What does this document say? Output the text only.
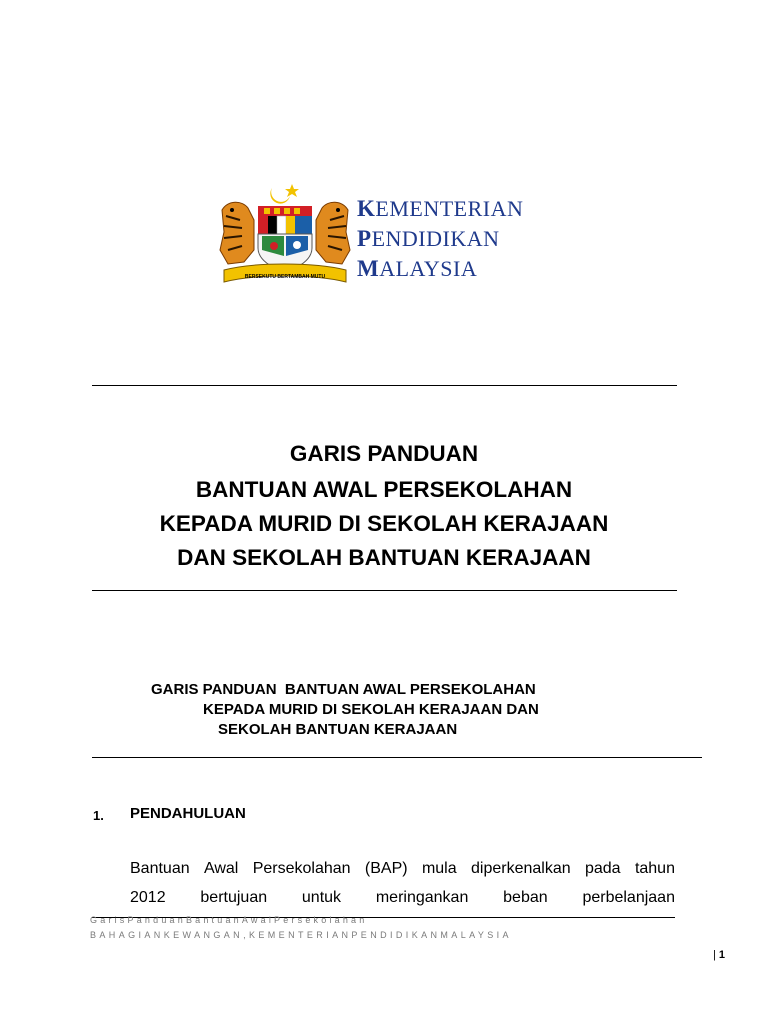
BERSEKUTU BERTAMBAH MUTU
KEMENTERIAN
PENDIDIKAN
MALAYSIA
GARIS PANDUAN
BANTUAN AWAL PERSEKOLAHAN
KEPADA MURID DI SEKOLAH KERAJAAN
DAN SEKOLAH BANTUAN KERAJAAN
GARIS PANDUAN  BANTUAN AWAL PERSEKOLAHAN
KEPADA MURID DI SEKOLAH KERAJAAN DAN
SEKOLAH BANTUAN KERAJAAN
1. PENDAHULUAN
Bantuan Awal Persekolahan (BAP) mula diperkenalkan pada tahun
2012 bertujuan untuk meringankan beban perbelanjaan
GarisPanduanBantuanAwalPersekolahan
BAHAGIANKEWANGAN,KEMENTERIANPENDIDIKANMALAYSIA
| 1
